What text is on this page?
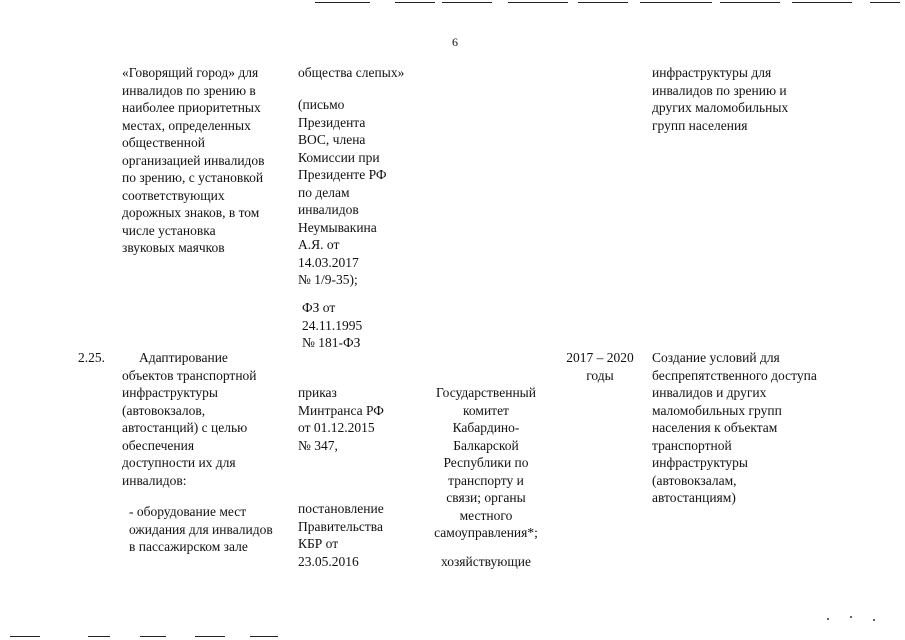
6
«Говорящий город» для
инвалидов по зрению в
наиболее приоритетных
местах, определенных
общественной
организацией инвалидов
по зрению, с установкой
соответствующих
дорожных знаков, в том
числе установка
звуковых маячков
общества слепых»
(письмо
Президента
ВОС, члена
Комиссии при
Президенте РФ
по делам
инвалидов
Неумывакина
А.Я. от
14.03.2017
№ 1/9-35);
ФЗ от
24.11.1995
№ 181-ФЗ
инфраструктуры для
инвалидов по зрению и
других маломобильных
групп населения
2.25.	Адаптирование
объектов транспортной
инфраструктуры
(автовокзалов,
автостанций) с целью
обеспечения
доступности их для
инвалидов:
- оборудование мест
ожидания для инвалидов
в пассажирском зале
приказ
Минтранса РФ
от 01.12.2015
№ 347,
постановление
Правительства
КБР от
23.05.2016
Государственный
комитет
Кабардино-
Балкарской
Республики по
транспорту и
связи; органы
местного
самоуправления*;
хозяйствующие
2017 – 2020
годы
Создание условий для
беспрепятственного доступа
инвалидов и других
маломобильных групп
населения к объектам
транспортной
инфраструктуры
(автовокзалам,
автостанциям)
